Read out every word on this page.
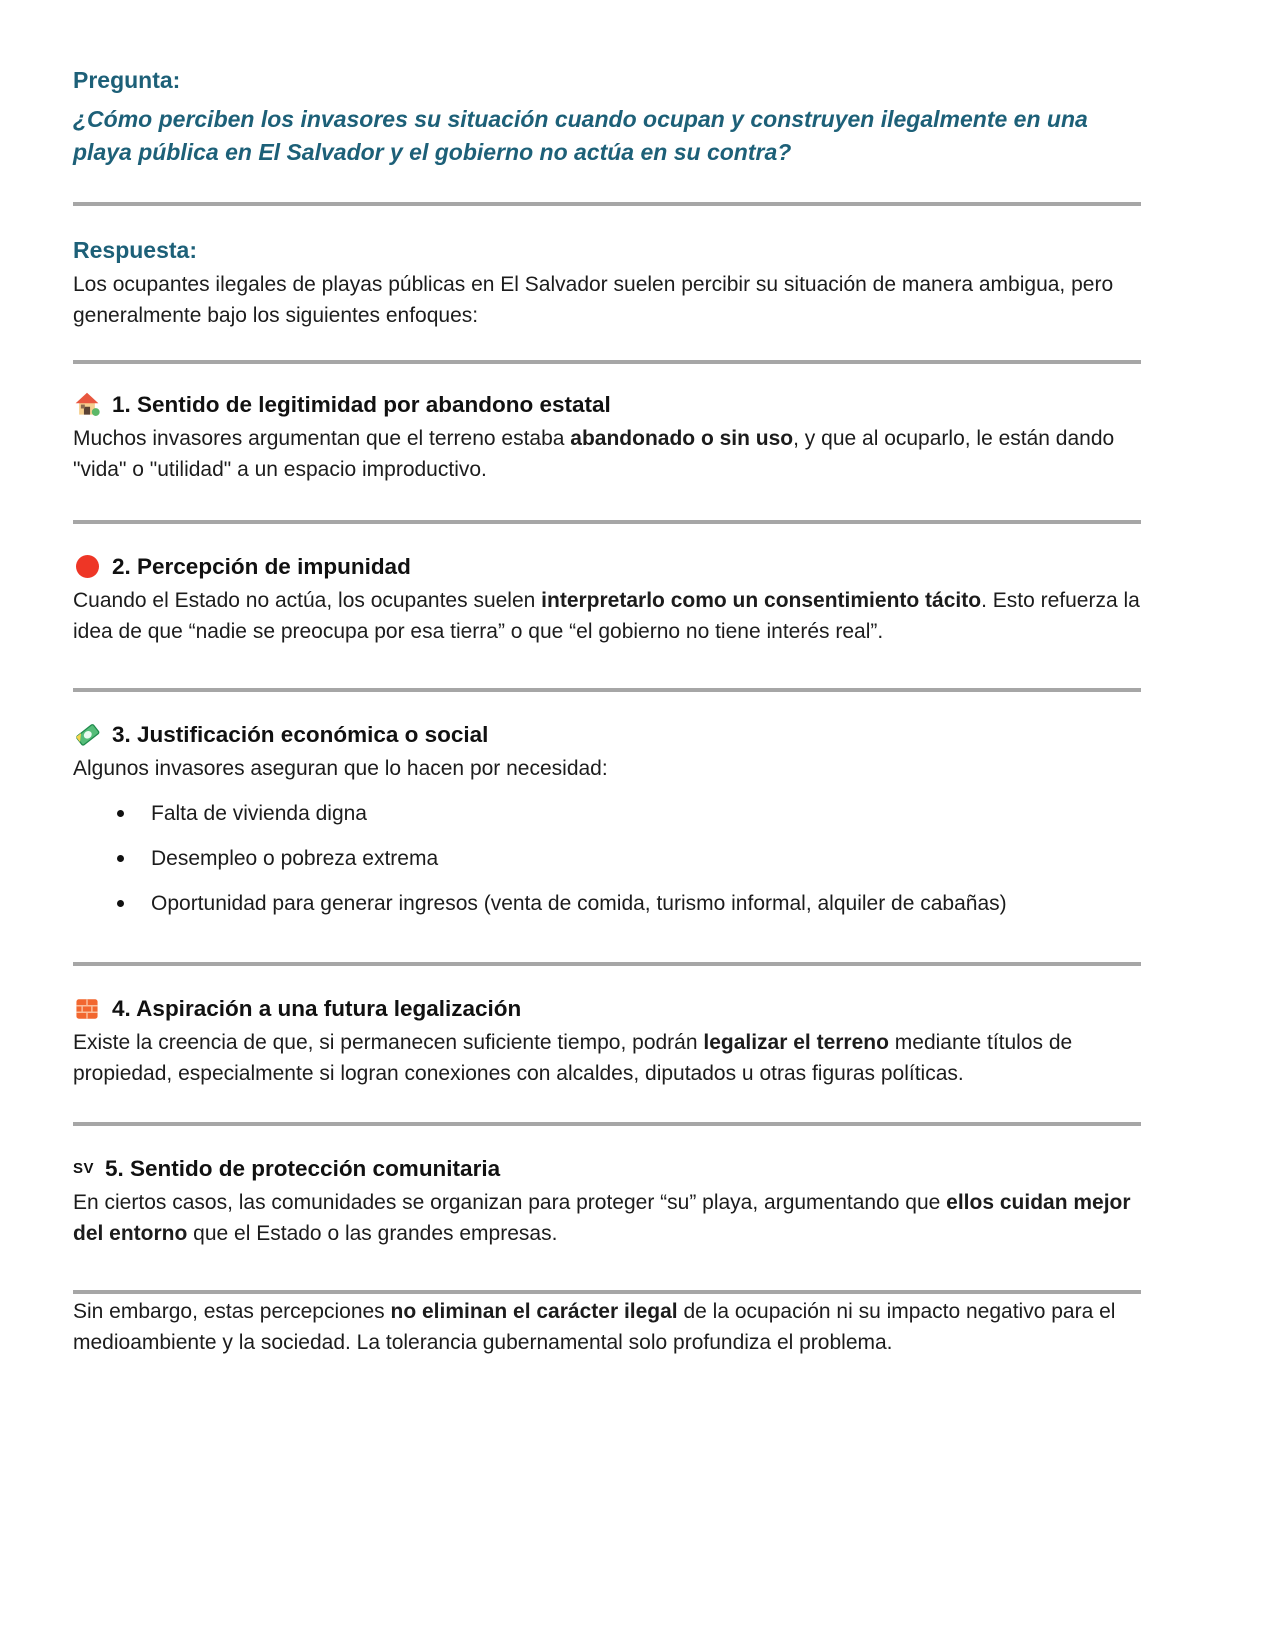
Pregunta:

¿Cómo perciben los invasores su situación cuando ocupan y construyen ilegalmente en una playa pública en El Salvador y el gobierno no actúa en su contra?

Respuesta:

Los ocupantes ilegales de playas públicas en El Salvador suelen percibir su situación de manera ambigua, pero generalmente bajo los siguientes enfoques:

1. Sentido de legitimidad por abandono estatal

Muchos invasores argumentan que el terreno estaba abandonado o sin uso, y que al ocuparlo, le están dando "vida" o "utilidad" a un espacio improductivo.

2. Percepción de impunidad

Cuando el Estado no actúa, los ocupantes suelen interpretarlo como un consentimiento tácito. Esto refuerza la idea de que “nadie se preocupa por esa tierra” o que “el gobierno no tiene interés real”.

3. Justificación económica o social

Algunos invasores aseguran que lo hacen por necesidad:

Falta de vivienda digna
Desempleo o pobreza extrema
Oportunidad para generar ingresos (venta de comida, turismo informal, alquiler de cabañas)
4. Aspiración a una futura legalización

Existe la creencia de que, si permanecen suficiente tiempo, podrán legalizar el terreno mediante títulos de propiedad, especialmente si logran conexiones con alcaldes, diputados u otras figuras políticas.

SV 5. Sentido de protección comunitaria

En ciertos casos, las comunidades se organizan para proteger “su” playa, argumentando que ellos cuidan mejor del entorno que el Estado o las grandes empresas.

Sin embargo, estas percepciones no eliminan el carácter ilegal de la ocupación ni su impacto negativo para el medioambiente y la sociedad. La tolerancia gubernamental solo profundiza el problema.
